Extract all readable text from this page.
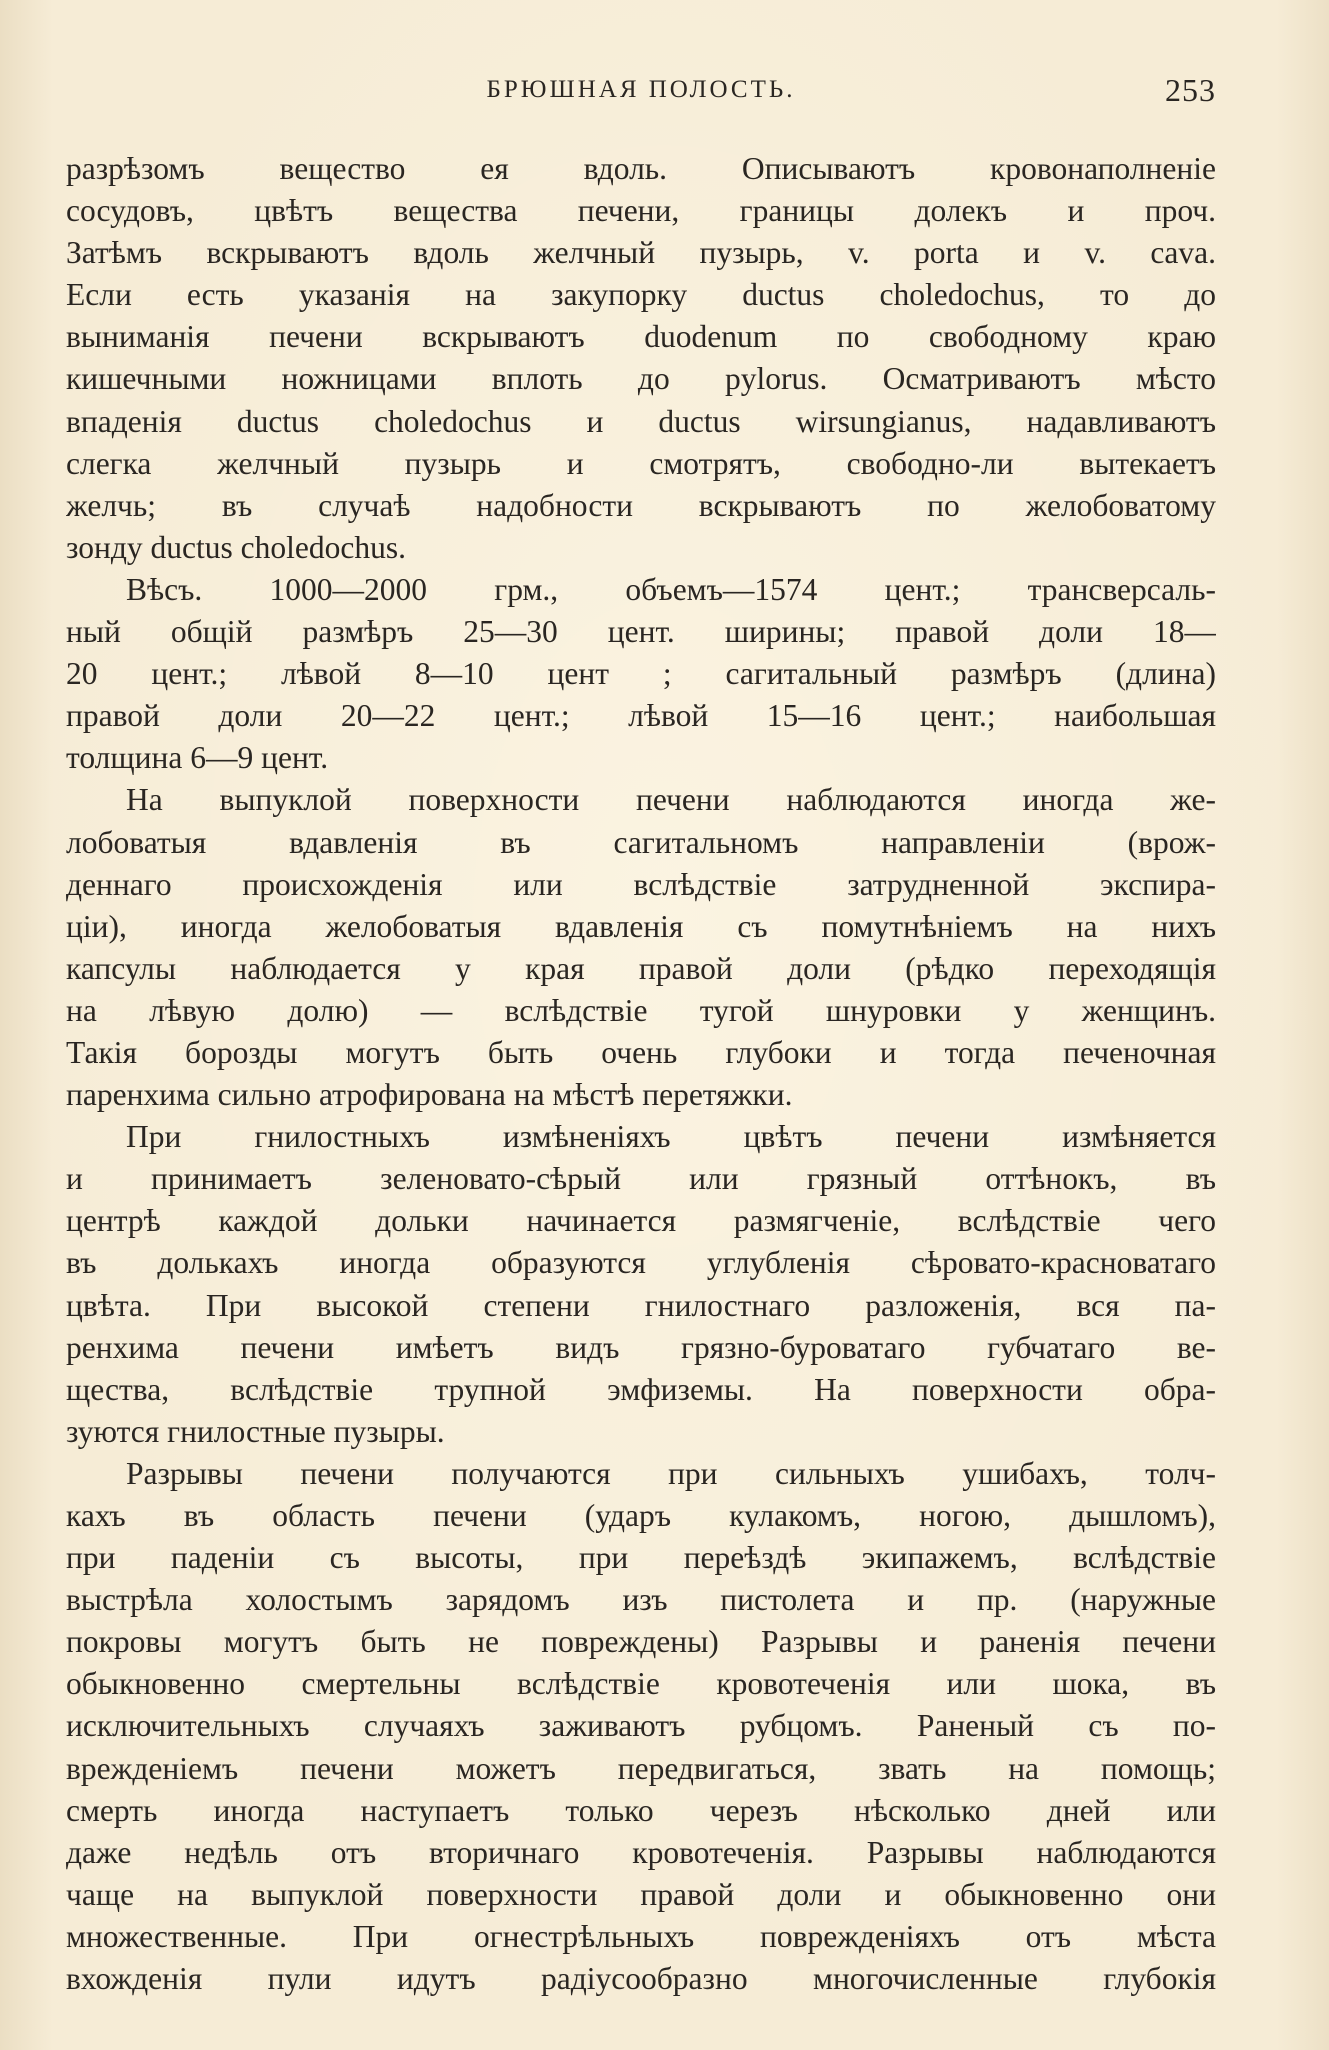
БРЮШНАЯ ПОЛОСТЬ.	253
разрѣзомъ вещество ея вдоль. Описываютъ кровонаполненіе
сосудовъ, цвѣтъ вещества печени, границы долекъ и проч.
Затѣмъ вскрываютъ вдоль желчный пузырь, v. porta и v. cava.
Если есть указанія на закупорку ductus choledochus, то до
выниманія печени вскрываютъ duodenum по свободному краю
кишечными ножницами вплоть до pylorus. Осматриваютъ мѣсто
впаденія ductus choledochus и ductus wirsungianus, надавливаютъ
слегка желчный пузырь и смотрятъ, свободно-ли вытекаетъ
желчь; въ случаѣ надобности вскрываютъ по желобоватому
зонду ductus choledochus.
Вѣсъ. 1000—2000 грм., объемъ—1574 цент.; трансверсаль-
ный общій размѣръ 25—30 цент. ширины; правой доли 18—
20 цент.; лѣвой 8—10 цент ; сагитальный размѣръ (длина)
правой доли 20—22 цент.; лѣвой 15—16 цент.; наибольшая
толщина 6—9 цент.
На выпуклой поверхности печени наблюдаются иногда же-
лобоватыя вдавленія въ сагитальномъ направленіи (врож-
деннаго происхожденія или вслѣдствіе затрудненной экспира-
ціи), иногда желобоватыя вдавленія съ помутнѣніемъ на нихъ
капсулы наблюдается у края правой доли (рѣдко переходящія
на лѣвую долю) — вслѣдствіе тугой шнуровки у женщинъ.
Такія борозды могутъ быть очень глубоки и тогда печеночная
паренхима сильно атрофирована на мѣстѣ перетяжки.
При гнилостныхъ измѣненіяхъ цвѣтъ печени измѣняется
и принимаетъ зеленовато-сѣрый или грязный оттѣнокъ, въ
центрѣ каждой дольки начинается размягченіе, вслѣдствіе чего
въ долькахъ иногда образуются углубленія сѣровато-красноватаго
цвѣта. При высокой степени гнилостнаго разложенія, вся па-
ренхима печени имѣетъ видъ грязно-буроватаго губчатаго ве-
щества, вслѣдствіе трупной эмфиземы. На поверхности обра-
зуются гнилостные пузыры.
Разрывы печени получаются при сильныхъ ушибахъ, толч-
кахъ въ область печени (ударъ кулакомъ, ногою, дышломъ),
при паденіи съ высоты, при переѣздѣ экипажемъ, вслѣдствіе
выстрѣла холостымъ зарядомъ изъ пистолета и пр. (наружные
покровы могутъ быть не повреждены) Разрывы и раненія печени
обыкновенно смертельны вслѣдствіе кровотеченія или шока, въ
исключительныхъ случаяхъ заживаютъ рубцомъ. Раненый съ по-
врежденіемъ печени можетъ передвигаться, звать на помощь;
смерть иногда наступаетъ только черезъ нѣсколько дней или
даже недѣль отъ вторичнаго кровотеченія. Разрывы наблюдаются
чаще на выпуклой поверхности правой доли и обыкновенно они
множественные. При огнестрѣльныхъ поврежденіяхъ отъ мѣста
вхожденія пули идутъ радіусообразно многочисленные глубокія
